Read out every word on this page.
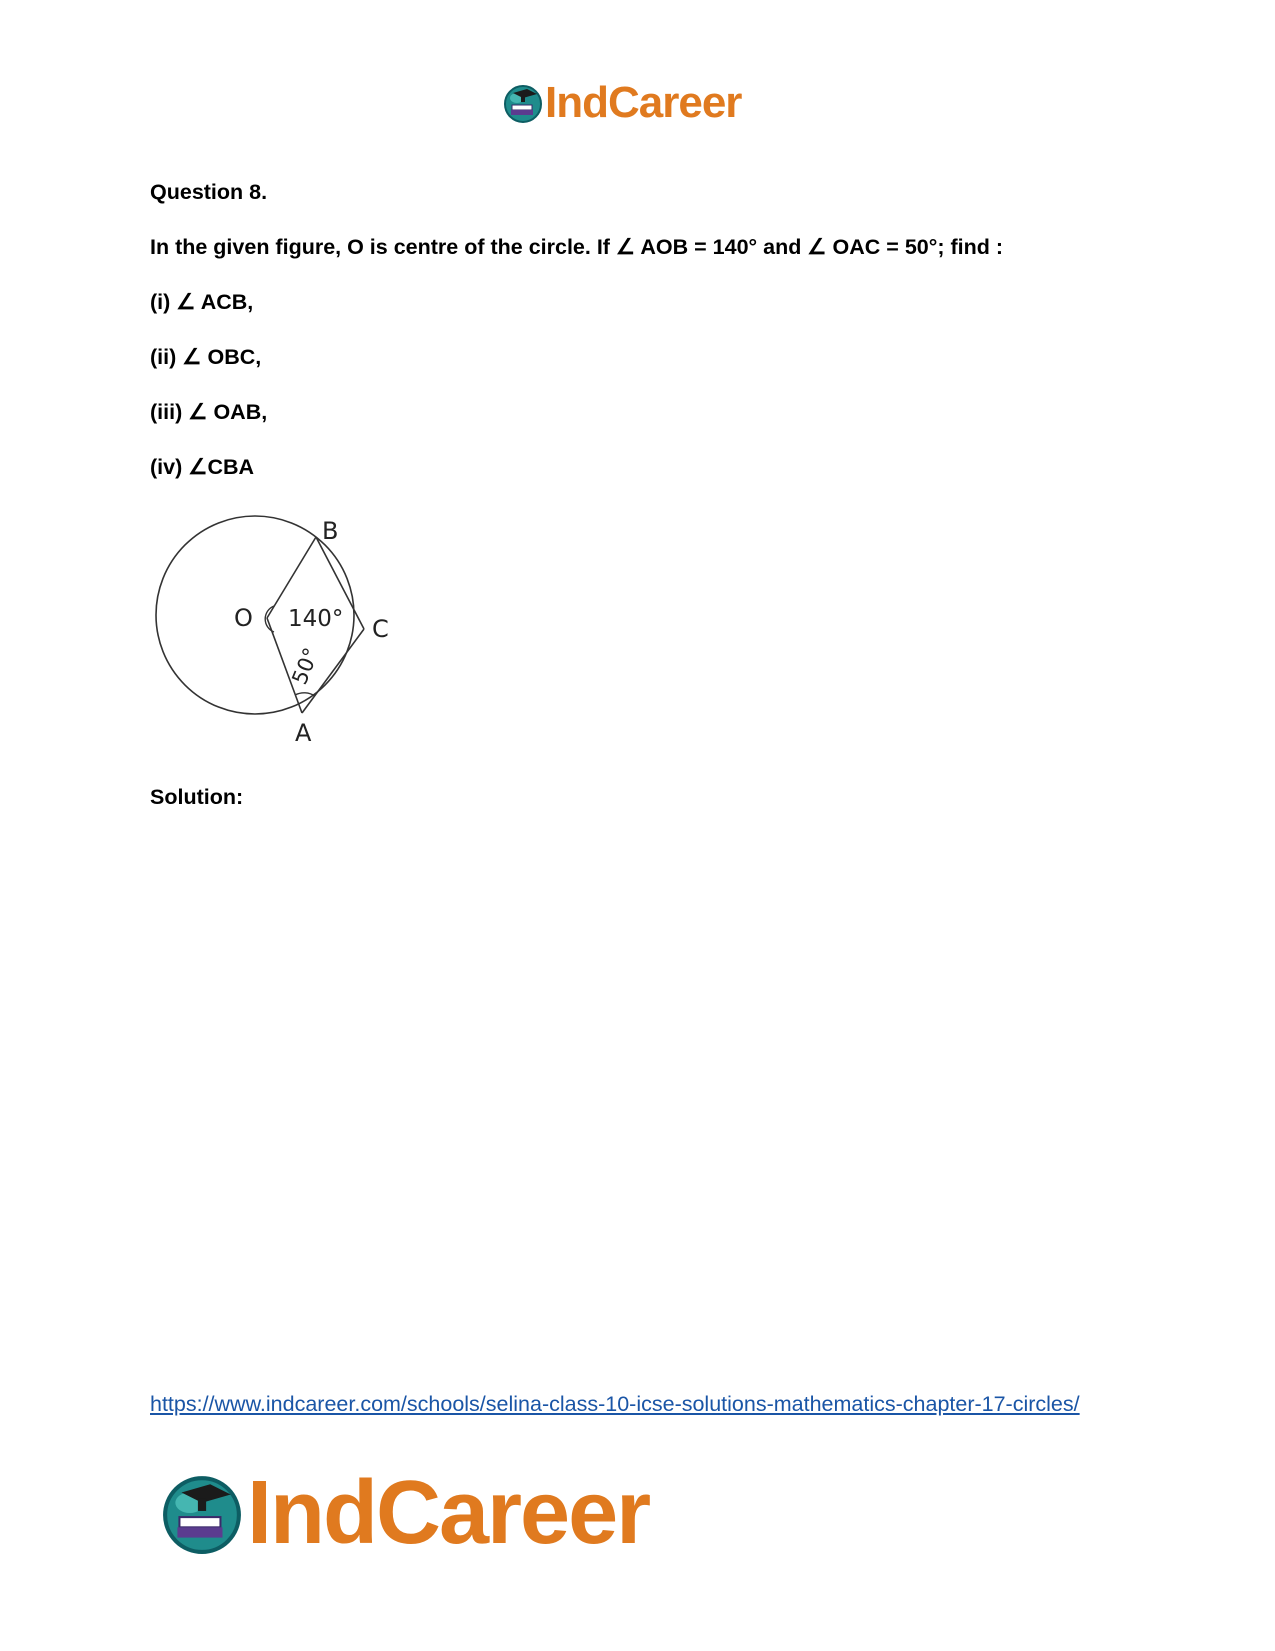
IndCareer
Question 8.
In the given figure, O is centre of the circle. If ∠ AOB = 140° and ∠ OAC = 50°; find :
(i) ∠ ACB,
(ii) ∠ OBC,
(iii) ∠ OAB,
(iv) ∠CBA
O
B
C
A
140°
50°
Solution:
https://www.indcareer.com/schools/selina-class-10-icse-solutions-mathematics-chapter-17-circles/
IndCareer
